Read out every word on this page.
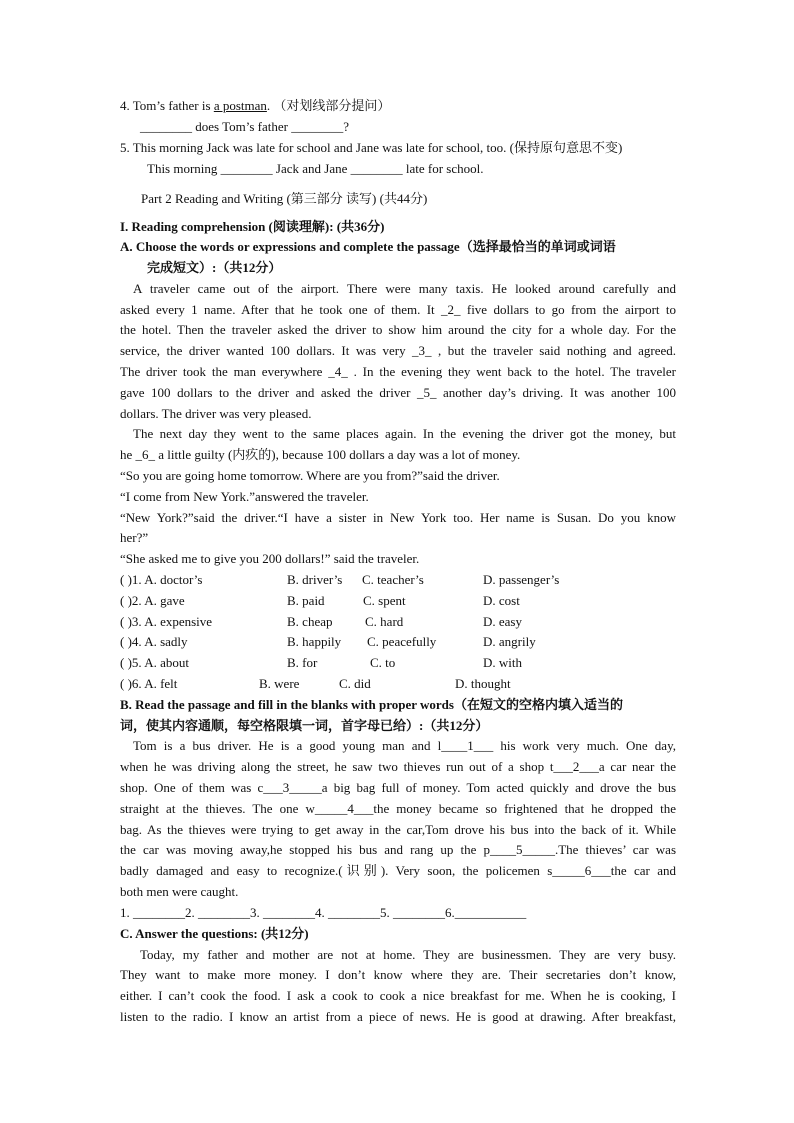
4. Tom’s father is a postman. （对划线部分提问）
________ does Tom’s father ________?
5. This morning Jack was late for school and Jane was late for school, too. (保持原句意思不变)
This morning ________ Jack and Jane ________ late for school.
Part 2 Reading and Writing (第三部分 读写) (共44分)
I. Reading comprehension (阅读理解): (共36分)
A. Choose the words or expressions and complete the passage（选择最恰当的单词或词语
完成短文）:（共12分）
A traveler came out of the airport. There were many taxis. He looked around carefully and
asked every 1 name. After that he took one of them. It _2_ five dollars to go from the airport to
the hotel. Then the traveler asked the driver to show him around the city for a whole day. For the
service, the driver wanted 100 dollars. It was very _3_ , but the traveler said nothing and agreed.
The driver took the man everywhere _4_ . In the evening they went back to the hotel. The traveler
gave 100 dollars to the driver and asked the driver _5_ another day’s driving. It was another 100
dollars. The driver was very pleased.
The next day they went to the same places again. In the evening the driver got the money, but
he _6_ a little guilty (内疚的), because 100 dollars a day was a lot of money.
“So you are going home tomorrow. Where are you from?”said the driver.
“I come from New York.”answered the traveler.
“New York?”said the driver.“I have a sister in New York too. Her name is Susan. Do you know
her?”
“She asked me to give you 200 dollars!” said the traveler.
( )1. A. doctor’s	B. driver’s C. teacher’s	D. passenger’s
( )2. A. gave	B. paid	C. spent	D. cost
( )3. A. expensive	B. cheap	C. hard	D. easy
( )4. A. sadly	B. happily C. peacefully	D. angrily
( )5. A. about	B. for	C. to	D. with
( )6. A. felt	B. were	C. did	D. thought
B. Read the passage and fill in the blanks with proper words（在短文的空格内填入适当的
词，使其内容通顺，每空格限填一词，首字母已给）:（共12分）
Tom is a bus driver. He is a good young man and l____1___ his work very much. One day,
when he was driving along the street, he saw two thieves run out of a shop t___2___a car near the
shop. One of them was c___3_____a big bag full of money. Tom acted quickly and drove the bus
straight at the thieves. The one w_____4___the money became so frightened that he dropped the
bag. As the thieves were trying to get away in the car,Tom drove his bus into the back of it. While
the car was moving away,he stopped his bus and rang up the p____5_____.The thieves’ car was
badly damaged and easy to recognize.(识别). Very soon, the policemen s_____6___the car and
both men were caught.
1. ________2. ________3. ________4. ________5. ________6.___________
C. Answer the questions: (共12分)
Today, my father and mother are not at home. They are businessmen. They are very busy.
They want to make more money. I don’t know where they are. Their secretaries don’t know,
either. I can’t cook the food. I ask a cook to cook a nice breakfast for me. When he is cooking, I
listen to the radio. I know an artist from a piece of news. He is good at drawing. After breakfast,
